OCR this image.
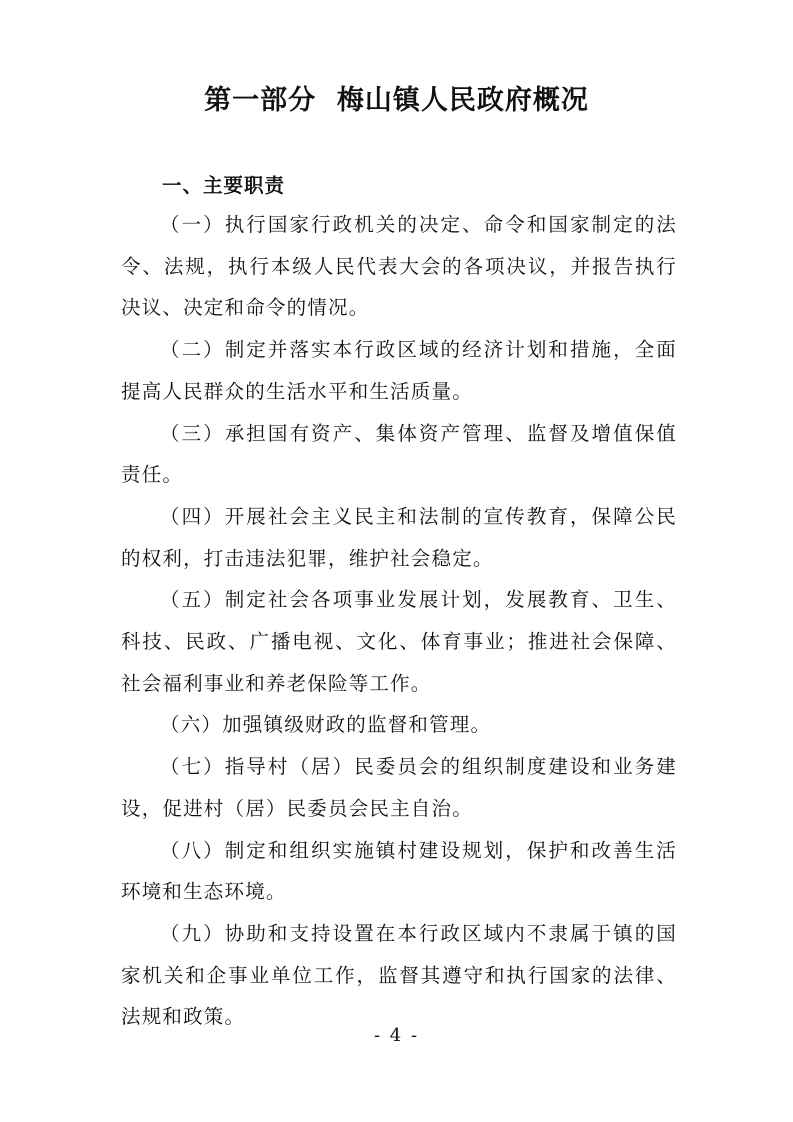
第一部分  梅山镇人民政府概况
一、主要职责

（一）执行国家行政机关的决定、命令和国家制定的法令、法规，执行本级人民代表大会的各项决议，并报告执行决议、决定和命令的情况。

（二）制定并落实本行政区域的经济计划和措施，全面提高人民群众的生活水平和生活质量。

（三）承担国有资产、集体资产管理、监督及增值保值责任。

（四）开展社会主义民主和法制的宣传教育，保障公民的权利，打击违法犯罪，维护社会稳定。

（五）制定社会各项事业发展计划，发展教育、卫生、科技、民政、广播电视、文化、体育事业；推进社会保障、社会福利事业和养老保险等工作。

（六）加强镇级财政的监督和管理。

（七）指导村（居）民委员会的组织制度建设和业务建设，促进村（居）民委员会民主自治。

（八）制定和组织实施镇村建设规划，保护和改善生活环境和生态环境。

（九）协助和支持设置在本行政区域内不隶属于镇的国家机关和企事业单位工作，监督其遵守和执行国家的法律、法规和政策。

- 4 -
